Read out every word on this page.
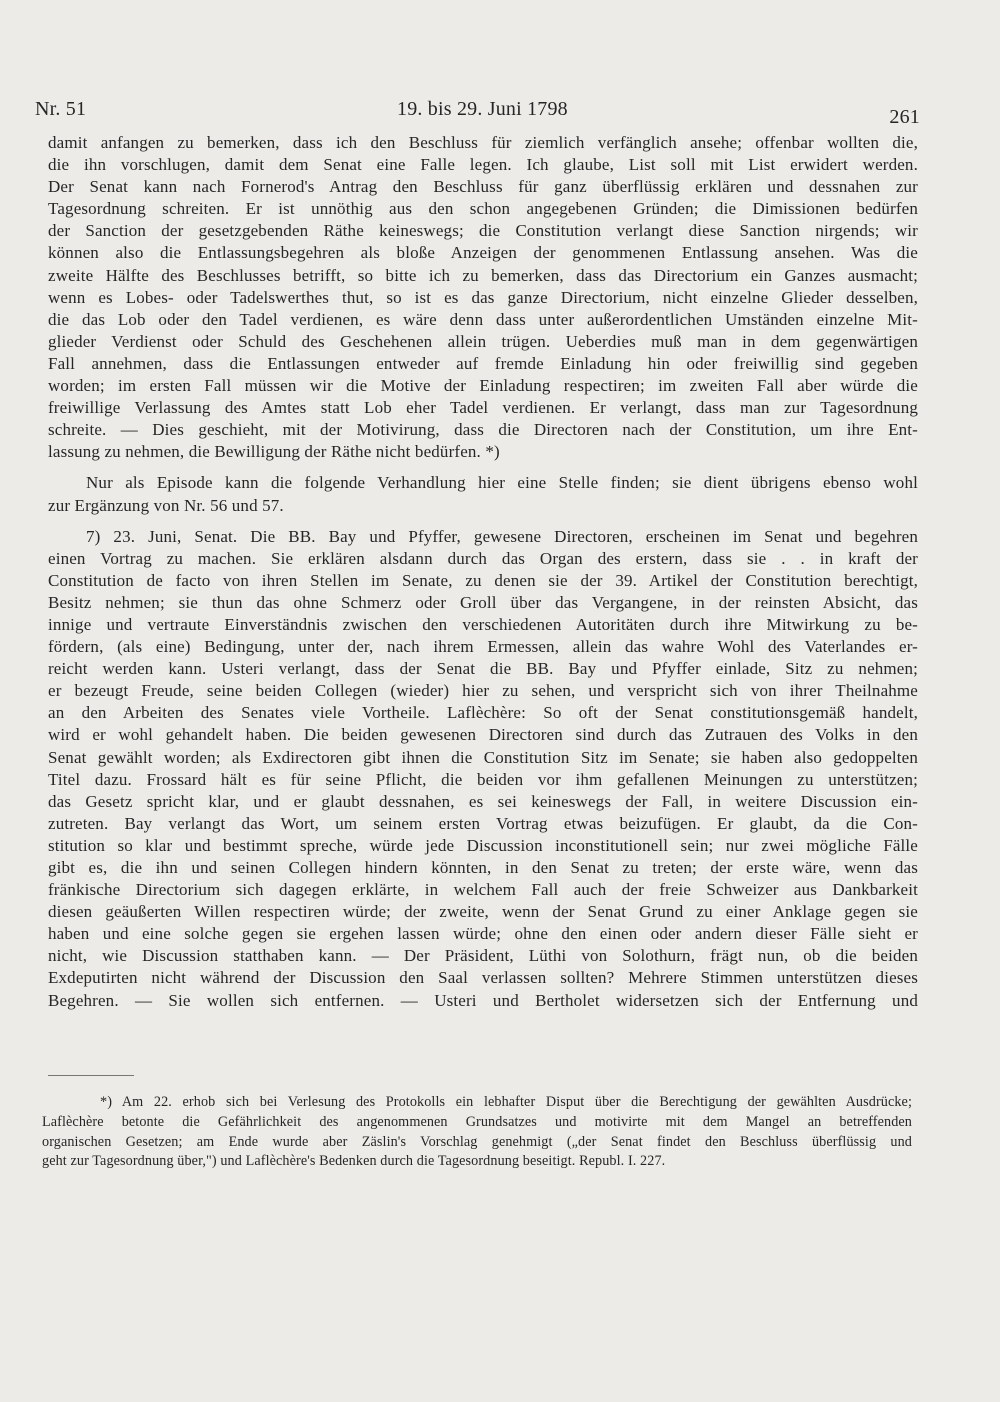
Nr. 51	19. bis 29. Juni 1798	261
damit anfangen zu bemerken, dass ich den Beschluss für ziemlich verfänglich ansehe; offenbar wollten die,
die ihn vorschlugen, damit dem Senat eine Falle legen. Ich glaube, List soll mit List erwidert werden.
Der Senat kann nach Fornerod's Antrag den Beschluss für ganz überflüssig erklären und dessnahen zur
Tagesordnung schreiten. Er ist unnöthig aus den schon angegebenen Gründen; die Dimissionen bedürfen
der Sanction der gesetzgebenden Räthe keineswegs; die Constitution verlangt diese Sanction nirgends; wir
können also die Entlassungsbegehren als bloße Anzeigen der genommenen Entlassung ansehen. Was die
zweite Hälfte des Beschlusses betrifft, so bitte ich zu bemerken, dass das Directorium ein Ganzes ausmacht;
wenn es Lobes- oder Tadelswerthes thut, so ist es das ganze Directorium, nicht einzelne Glieder desselben,
die das Lob oder den Tadel verdienen, es wäre denn dass unter außerordentlichen Umständen einzelne Mit-
glieder Verdienst oder Schuld des Geschehenen allein trügen. Ueberdies muß man in dem gegenwärtigen
Fall annehmen, dass die Entlassungen entweder auf fremde Einladung hin oder freiwillig sind gegeben
worden; im ersten Fall müssen wir die Motive der Einladung respectiren; im zweiten Fall aber würde die
freiwillige Verlassung des Amtes statt Lob eher Tadel verdienen. Er verlangt, dass man zur Tagesordnung
schreite. — Dies geschieht, mit der Motivirung, dass die Directoren nach der Constitution, um ihre Ent-
lassung zu nehmen, die Bewilligung der Räthe nicht bedürfen. *)
Nur als Episode kann die folgende Verhandlung hier eine Stelle finden; sie dient übrigens ebenso wohl
zur Ergänzung von Nr. 56 und 57.
7) 23. Juni, Senat. Die BB. Bay und Pfyffer, gewesene Directoren, erscheinen im Senat und begehren
einen Vortrag zu machen. Sie erklären alsdann durch das Organ des erstern, dass sie . . in kraft der
Constitution de facto von ihren Stellen im Senate, zu denen sie der 39. Artikel der Constitution berechtigt,
Besitz nehmen; sie thun das ohne Schmerz oder Groll über das Vergangene, in der reinsten Absicht, das
innige und vertraute Einverständnis zwischen den verschiedenen Autoritäten durch ihre Mitwirkung zu be-
fördern, (als eine) Bedingung, unter der, nach ihrem Ermessen, allein das wahre Wohl des Vaterlandes er-
reicht werden kann. Usteri verlangt, dass der Senat die BB. Bay und Pfyffer einlade, Sitz zu nehmen;
er bezeugt Freude, seine beiden Collegen (wieder) hier zu sehen, und verspricht sich von ihrer Theilnahme
an den Arbeiten des Senates viele Vortheile. Laflèchère: So oft der Senat constitutionsgemäß handelt,
wird er wohl gehandelt haben. Die beiden gewesenen Directoren sind durch das Zutrauen des Volks in den
Senat gewählt worden; als Exdirectoren gibt ihnen die Constitution Sitz im Senate; sie haben also gedoppelten
Titel dazu. Frossard hält es für seine Pflicht, die beiden vor ihm gefallenen Meinungen zu unterstützen;
das Gesetz spricht klar, und er glaubt dessnahen, es sei keineswegs der Fall, in weitere Discussion ein-
zutreten. Bay verlangt das Wort, um seinem ersten Vortrag etwas beizufügen. Er glaubt, da die Con-
stitution so klar und bestimmt spreche, würde jede Discussion inconstitutionell sein; nur zwei mögliche Fälle
gibt es, die ihn und seinen Collegen hindern könnten, in den Senat zu treten; der erste wäre, wenn das
fränkische Directorium sich dagegen erklärte, in welchem Fall auch der freie Schweizer aus Dankbarkeit
diesen geäußerten Willen respectiren würde; der zweite, wenn der Senat Grund zu einer Anklage gegen sie
haben und eine solche gegen sie ergehen lassen würde; ohne den einen oder andern dieser Fälle sieht er
nicht, wie Discussion statthaben kann. — Der Präsident, Lüthi von Solothurn, frägt nun, ob die beiden
Exdeputirten nicht während der Discussion den Saal verlassen sollten? Mehrere Stimmen unterstützen dieses
Begehren. — Sie wollen sich entfernen. — Usteri und Bertholet widersetzen sich der Entfernung und
*) Am 22. erhob sich bei Verlesung des Protokolls ein lebhafter Disput über die Berechtigung der gewählten Ausdrücke;
Laflèchère betonte die Gefährlichkeit des angenommenen Grundsatzes und motivirte mit dem Mangel an betreffenden
organischen Gesetzen; am Ende wurde aber Zäslin's Vorschlag genehmigt („der Senat findet den Beschluss überflüssig und
geht zur Tagesordnung über,") und Laflèchère's Bedenken durch die Tagesordnung beseitigt. Republ. I. 227.
